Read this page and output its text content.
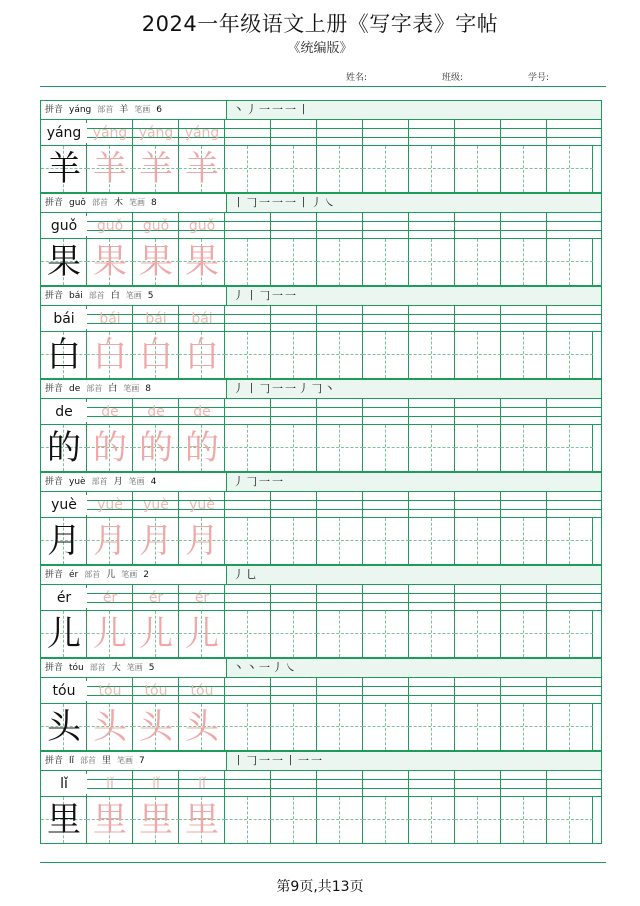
2024一年级语文上册《写字表》字帖
《统编版》
姓名:	班级:	学号:
拼音 yáng 部首 羊 笔画 6	丶丿一一一丨
yáng yáng yáng yáng
羊 羊 羊 羊
拼音 guǒ 部首 木 笔画 8	丨𠃌一一一丨丿㇏
guǒ	guǒ	guǒ	guǒ
果 果 果 果
拼音 bái 部首 白 笔画 5	丿丨𠃌一一
bái	bái	bái	bái
白 白 白 白
拼音 de 部首 白 笔画 8	丿丨𠃌一一丿𠃌丶
de	de	de	de
的 的 的 的
拼音 yuè 部首 月 笔画 4	丿𠃌一一
yuè	yuè	yuè	yuè
月 月 月 月
拼音 ér 部首 儿 笔画 2	丿乚
ér	ér	ér	ér
儿 儿 儿 儿
拼音 tóu 部首 大 笔画 5	丶丶一丿㇏
tóu	tóu	tóu	tóu
头 头 头 头
拼音 lǐ 部首 里 笔画 7	丨𠃌一一丨一一
lǐ	lǐ	lǐ	lǐ
里 里 里 里
第9页,共13页
